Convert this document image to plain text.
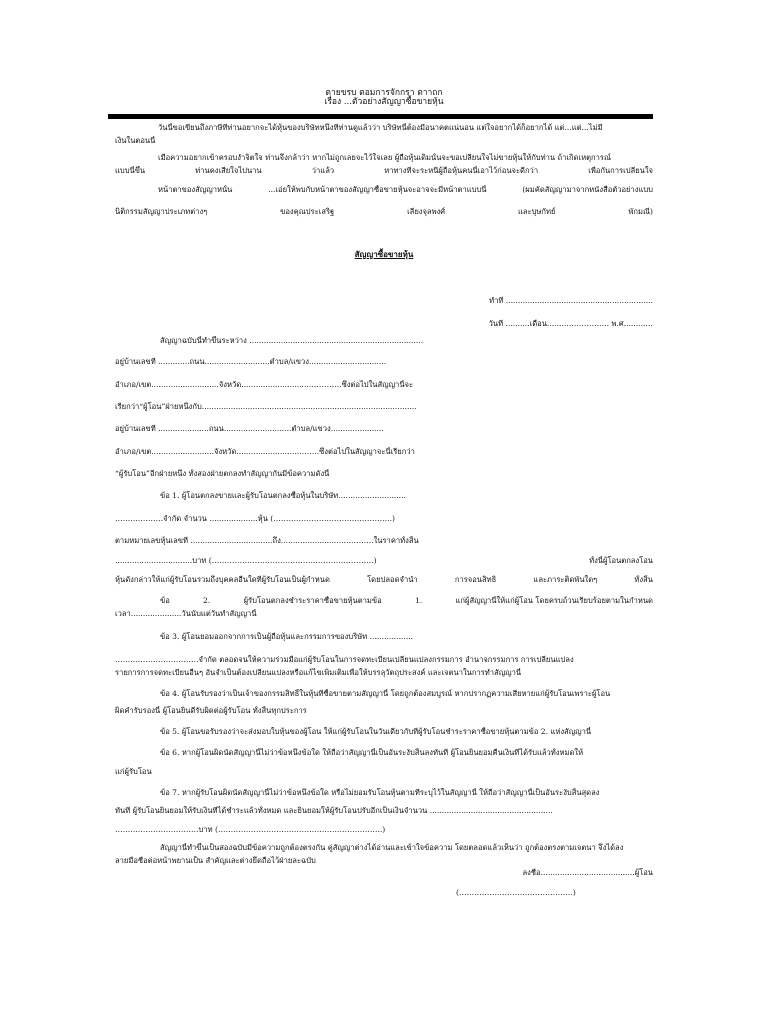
ตายขรบ ตอมการจักกรา ตาาถก
เรื่อง ...ตัวอย่างสัญญาซื้อขายหุ้น
วันนี้ขอเขียนถึงภาษีที่ท่านอยากจะได้หุ้นของบริษัทหนึ่งที่ท่านดูแล้วว่า บริษัทนี้ต้องมีอนาคตแน่นอน แต่ใจอยากได้ก็อยากได้ แต่...แต่...ไม่มี
เงินในตอนนี้
เมื่อความอยากเข้าครอบงำจิตใจ ท่านจึงกล้าว่า หากไม่ถูกเลยจะไว้ใจเลย ผู้ถือหุ้นเดิมนั้นจะขอเปลี่ยนใจไม่ขายหุ้นให้กับท่าน ถ้าเกิดเหตุการณ์
แบบนี้ขึ้น	ท่านคงเสียใจไปนาน	ว่าแล้ว	หาทางที่จะระหนี่ผู้ถือหุ้นคนนี้เอาไว้ก่อนจะดีกว่า	เพื่อกันการเปลี่ยนใจ
หน้าตาของสัญญาหนั้น	...เอ่ยให้พบกับหน้าตาของสัญญาซื้อขายหุ้นจะอาจจะมีหน้าตาแบบนี้	(ผมคัดสัญญามาจากหนังสือตัวอย่างแบบ
นิติกรรมสัญญาประเภทต่างๆ	ของคุณประเสริฐ	เลียงจุลพงศ์	และบุษกัทย์	พักมณี)
สัญญาซื้อขายหุ้น
ทำที่ .............................................................
วันที่ ..........เดือน........…………….. พ.ศ.........…
สัญญาฉบับนี้ทำขึ้นระหว่าง ........................................................................
อยู่บ้านเลขที่ .............ถนน...........................ตำบล/แขวง................................
อำเภอ/เขต............................จังหวัด............................………….ซึ่งต่อไปในสัญญานี้จะ
เรียกว่า“ผู้โอน”ฝ่ายหนึ่งกับ.........................................................................................
อยู่บ้านเลขที่ .....................ถนน............................ตำบล/แขวง......................
อำเภอ/เขต..........................จังหวัด..........................……..ซึ่งต่อไปในสัญญาจะนี้เรียกว่า
“ผู้รับโอน”อีกฝ่ายหนึ่ง ทั้งสองฝ่ายตกลงทำสัญญากันมีข้อความดังนี้
ข้อ 1. ผู้โอนตกลงขายและผู้รับโอนตกลงซื้อหุ้นในบริษัท............................
……………….จำกัด จำนวน ....................หุ้น (………………………………………..)
ตามหมายเลขหุ้นเลขที่ ..................................ถึง...........................………..ในราคาทั้งสิ้น
................................บาท (……………………………………………………….)	ทั้งนี้ผู้โอนตกลงโอน
หุ้นดังกล่าวให้แก่ผู้รับโอนรวมถึงบุคคลอื่นใดที่ผู้รับโอนเป็นผู้กำหนด	โดยปลอดจำนำ	การจอนสิทธิ	และภาระติดพันใดๆ	ทั้งสิ้น
ข้อ	2.	ผู้รับโอนตกลงชำระราคาซื้อขายหุ้นตามข้อ	1.	แก่ผู้สัญญานี้ให้แก่ผู้โอน โดยครบถ้วนเรียบร้อยตามในกำหนด
เวลา.....................วันนับแต่วันทำสัญญานี้
ข้อ 3. ผู้โอนยอมออกจากการเป็นผู้ถือหุ้นและกรรมการของบริษัท ..................
……………………………จำกัด ตลอดจนให้ความร่วมมือแก่ผู้รับโอนในการจดทะเบียนเปลี่ยนแปลงกรรมการ อำนาจกรรมการ การเปลี่ยนแปลง
รายการการจดทะเบียนอื่นๆ อันจำเป็นต้องเปลี่ยนแปลงหรือแก้ไขเพิ่มเติมเพื่อให้บรรลุวัตถุประสงค์ และเจตนาในการทำสัญญานี้
ข้อ 4. ผู้โอนรับรองว่าเป็นเจ้าของกรรมสิทธิ์ในหุ้นที่ซื้อขายตามสัญญานี้ โดยถูกต้องสมบูรณ์ หากปรากฏความเสียหายแก่ผู้รับโอนเพราะผู้โอน
ผิดคำรับรองนี้ ผู้โอนยินดีรับผิดต่อผู้รับโอน ทั้งสิ้นทุกประการ
ข้อ 5. ผู้โอนขอรับรองว่าจะส่งมอบใบหุ้นของผู้โอน ให้แก่ผู้รับโอนในวันเดียวกับที่ผู้รับโอนชำระราคาซื้อขายหุ้นตามข้อ 2. แห่งสัญญานี้
ข้อ 6. หากผู้โอนผิดนัดสัญญานี้ไม่ว่าข้อหนึ่งข้อใด ให้ถือว่าสัญญานี้เป็นอันระงับสิ้นลงทันที ผู้โอนยินยอมคืนเงินที่ได้รับแล้วทั้งหมดให้
แก่ผู้รับโอน
ข้อ 7. หากผู้รับโอนผิดนัดสัญญานี้ไม่ว่าข้อหนึ่งข้อใด หรือไม่ยอมรับโอนหุ้นตามที่ระบุไว้ในสัญญานี้ ให้ถือว่าสัญญานี้เป็นอันระงับสิ้นสุดลง
ทันที ผู้รับโอนยินยอมให้รับเงินที่ได้ชำระแล้วทั้งหมด และยินยอมให้ผู้รับโอนปรับอีกเป็นเงินจำนวน ...................................................
……………………………บาท (………………………………………………………..)
สัญญานี้ทำขึ้นเป็นสองฉบับมีข้อความถูกต้องตรงกัน คู่สัญญาต่างได้อ่านและเข้าใจข้อความ โดยตลอดแล้วเห็นว่า ถูกต้องตรงตามเจตนา จึงได้ลง
ลายมือชื่อต่อหน้าพยานเป็น สำคัญและต่างยึดถือไว้ฝ่ายละฉบับ
ลงชื่อ.......................................ผู้โอน
(………………………………………)
